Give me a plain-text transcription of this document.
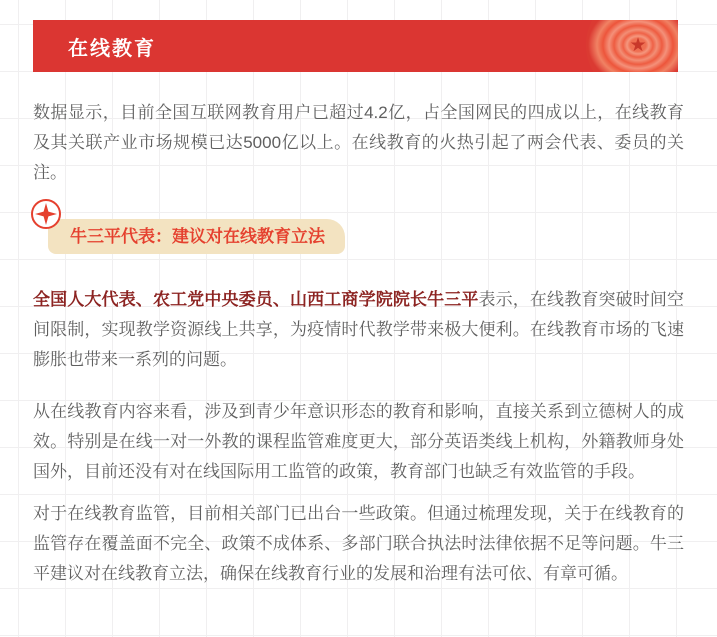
在线教育	★

数据显示，目前全国互联网教育用户已超过4.2亿，占全国网民的四成以上，在线教育及其关联产业市场规模已达5000亿以上。在线教育的火热引起了两会代表、委员的关注。

牛三平代表：建议对在线教育立法

全国人大代表、农工党中央委员、山西工商学院院长牛三平表示，在线教育突破时间空间限制，实现教学资源线上共享，为疫情时代教学带来极大便利。在线教育市场的飞速膨胀也带来一系列的问题。

从在线教育内容来看，涉及到青少年意识形态的教育和影响，直接关系到立德树人的成效。特别是在线一对一外教的课程监管难度更大，部分英语类线上机构，外籍教师身处国外，目前还没有对在线国际用工监管的政策，教育部门也缺乏有效监管的手段。

对于在线教育监管，目前相关部门已出台一些政策。但通过梳理发现，关于在线教育的监管存在覆盖面不完全、政策不成体系、多部门联合执法时法律依据不足等问题。牛三平建议对在线教育立法，确保在线教育行业的发展和治理有法可依、有章可循。
